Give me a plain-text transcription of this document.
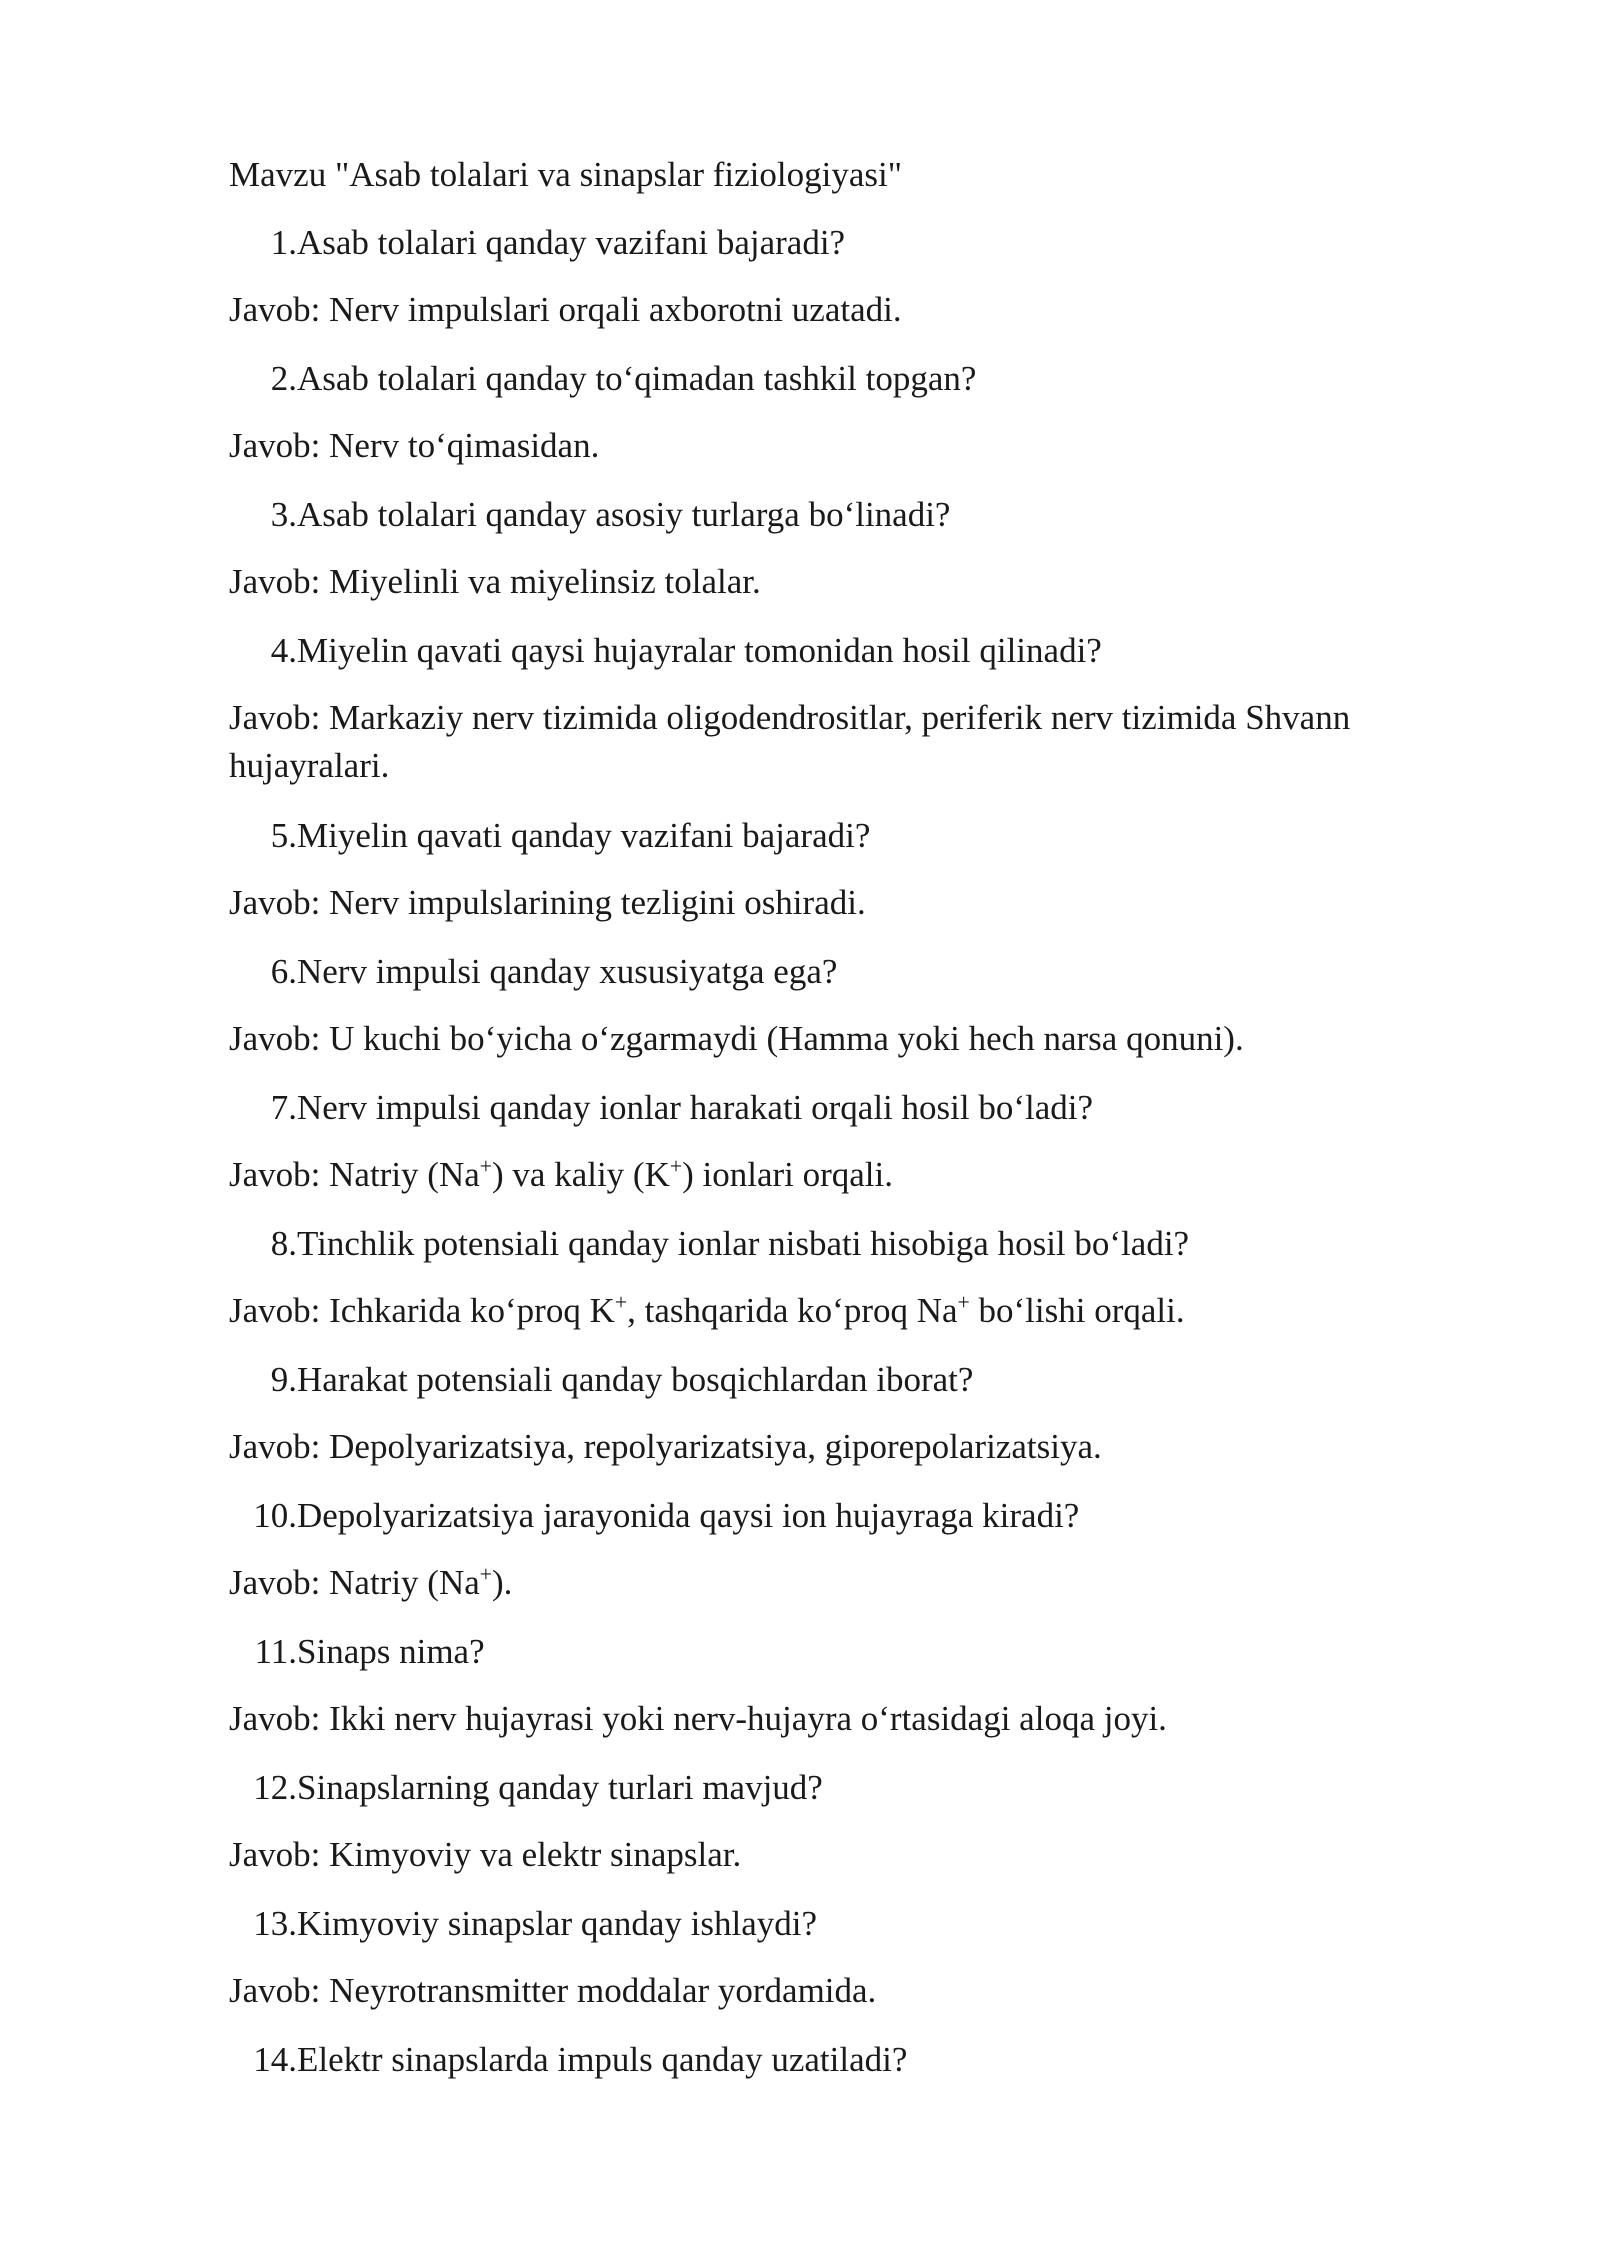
Mavzu "Asab tolalari va sinapslar fiziologiyasi"

1. Asab tolalari qanday vazifani bajaradi?

Javob: Nerv impulslari orqali axborotni uzatadi.

2. Asab tolalari qanday to‘qimadan tashkil topgan?

Javob: Nerv to‘qimasidan.

3. Asab tolalari qanday asosiy turlarga bo‘linadi?

Javob: Miyelinli va miyelinsiz tolalar.

4. Miyelin qavati qaysi hujayralar tomonidan hosil qilinadi?

Javob: Markaziy nerv tizimida oligodendrositlar, periferik nerv tizimida Shvann hujayralari.

5. Miyelin qavati qanday vazifani bajaradi?

Javob: Nerv impulslarining tezligini oshiradi.

6. Nerv impulsi qanday xususiyatga ega?

Javob: U kuchi bo‘yicha o‘zgarmaydi (Hamma yoki hech narsa qonuni).

7. Nerv impulsi qanday ionlar harakati orqali hosil bo‘ladi?

Javob: Natriy (Na+) va kaliy (K+) ionlari orqali.

8. Tinchlik potensiali qanday ionlar nisbati hisobiga hosil bo‘ladi?

Javob: Ichkarida ko‘proq K+, tashqarida ko‘proq Na+ bo‘lishi orqali.

9. Harakat potensiali qanday bosqichlardan iborat?

Javob: Depolyarizatsiya, repolyarizatsiya, giporepolarizatsiya.

10. Depolyarizatsiya jarayonida qaysi ion hujayraga kiradi?

Javob: Natriy (Na+).

11. Sinaps nima?

Javob: Ikki nerv hujayrasi yoki nerv-hujayra o‘rtasidagi aloqa joyi.

12. Sinapslarning qanday turlari mavjud?

Javob: Kimyoviy va elektr sinapslar.

13. Kimyoviy sinapslar qanday ishlaydi?

Javob: Neyrotransmitter moddalar yordamida.

14. Elektr sinapslarda impuls qanday uzatiladi?
